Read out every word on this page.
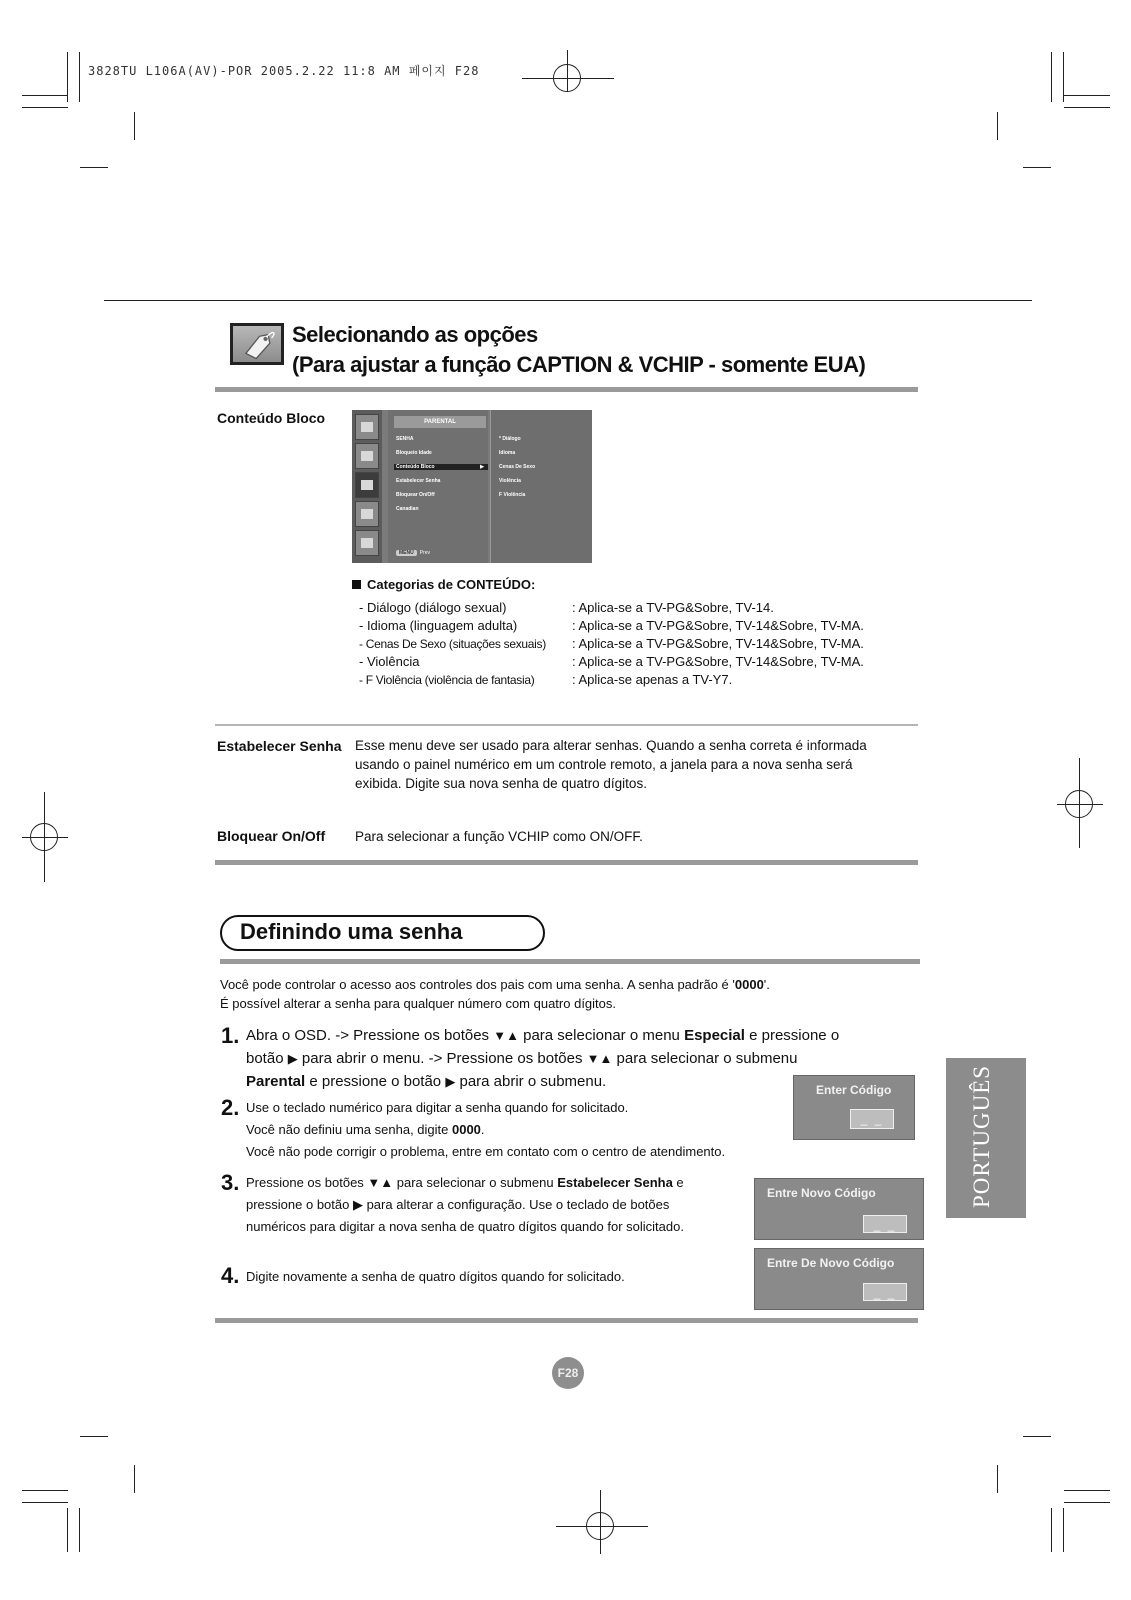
3828TU L106A(AV)-POR 2005.2.22 11:8 AM 페이지 F28
Selecionando as opções
(Para ajustar a função CAPTION & VCHIP - somente EUA)
Conteúdo Bloco	PARENTAL
SENHA
Bloqueio Idade
Conteúdo Bloco	▶
Estabelecer Senha
Bloquear On/Off
Canadian
MENU Prev
* Diálogo
Idioma
Cenas De Sexo
Violência
F Violência
Categorias de CONTEÚDO:
- Diálogo (diálogo sexual)	: Aplica-se a TV-PG&Sobre, TV-14.
- Idioma (linguagem adulta)	: Aplica-se a TV-PG&Sobre, TV-14&Sobre, TV-MA.
- Cenas De Sexo (situações sexuais) : Aplica-se a TV-PG&Sobre, TV-14&Sobre, TV-MA.
- Violência	: Aplica-se a TV-PG&Sobre, TV-14&Sobre, TV-MA.
- F Violência (violência de fantasia)	: Aplica-se apenas a TV-Y7.
Estabelecer Senha Esse menu deve ser usado para alterar senhas. Quando a senha correta é informada
usando o painel numérico em um controle remoto, a janela para a nova senha será
exibida. Digite sua nova senha de quatro dígitos.
Bloquear On/Off Para selecionar a função VCHIP como ON/OFF.
Definindo uma senha
Você pode controlar o acesso aos controles dos pais com uma senha. A senha padrão é '0000'.
É possível alterar a senha para qualquer número com quatro dígitos.
1. Abra o OSD. -> Pressione os botões ▼▲ para selecionar o menu Especial e pressione o
botão ▶ para abrir o menu. -> Pressione os botões ▼▲ para selecionar o submenu
Parental e pressione o botão ▶ para abrir o submenu.
2. Use o teclado numérico para digitar a senha quando for solicitado.
Você não definiu uma senha, digite 0000.
Você não pode corrigir o problema, entre em contato com o centro de atendimento.
3. Pressione os botões ▼▲ para selecionar o submenu Estabelecer Senha e
pressione o botão ▶ para alterar a configuração. Use o teclado de botões
numéricos para digitar a nova senha de quatro dígitos quando for solicitado.
4. Digite novamente a senha de quatro dígitos quando for solicitado.
Enter Código
_ _
Entre Novo Código
_ _
Entre De Novo Código
_ _
PORTUGUÊS
F28
